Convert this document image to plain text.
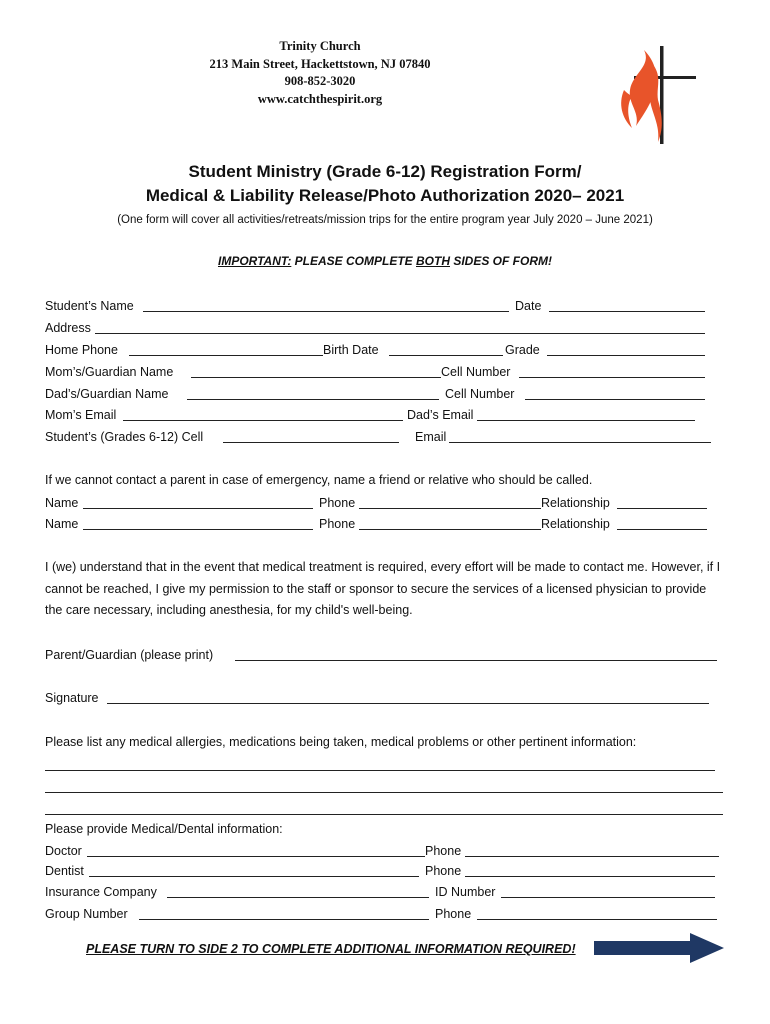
Trinity Church
213 Main Street, Hackettstown, NJ 07840
908-852-3020
www.catchthespirit.org
Student Ministry (Grade 6-12) Registration Form/
Medical & Liability Release/Photo Authorization 2020– 2021
(One form will cover all activities/retreats/mission trips for the entire program year July 2020 – June 2021)
IMPORTANT: PLEASE COMPLETE BOTH SIDES OF FORM!
Student’s Name	Date
Address
Home Phone	Birth Date	Grade
Mom’s/Guardian Name	Cell Number
Dad’s/Guardian Name	Cell Number
Mom’s Email	Dad’s Email
Student’s (Grades 6-12) Cell	Email
If we cannot contact a parent in case of emergency, name a friend or relative who should be called.
Name	Phone	Relationship
Name	Phone	Relationship
I (we) understand that in the event that medical treatment is required, every effort will be made to contact me. However, if I cannot be reached, I give my permission to the staff or sponsor to secure the services of a licensed physician to provide the care necessary, including anesthesia, for my child's well-being.
Parent/Guardian (please print)
Signature
Please list any medical allergies, medications being taken, medical problems or other pertinent information:
Please provide Medical/Dental information:
Doctor	Phone
Dentist	Phone
Insurance Company	ID Number
Group Number	Phone
PLEASE TURN TO SIDE 2 TO COMPLETE ADDITIONAL INFORMATION REQUIRED!
